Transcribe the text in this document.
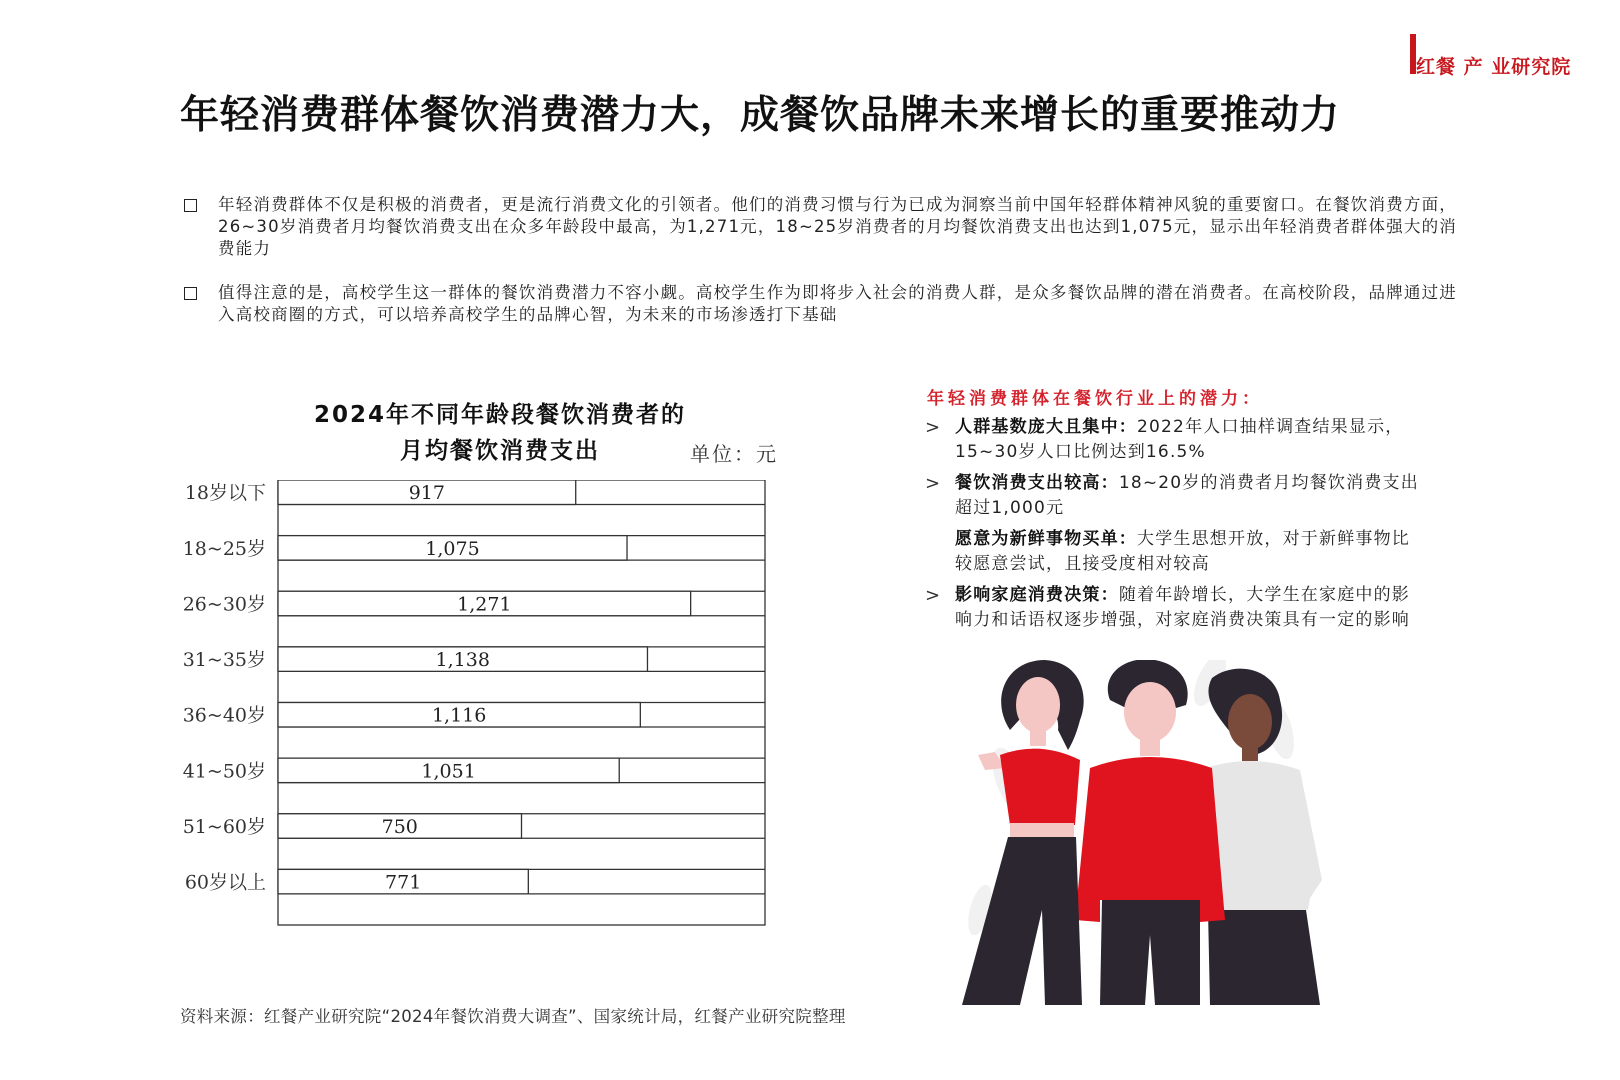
红餐 产 业研究院
年轻消费群体餐饮消费潜力大，成餐饮品牌未来增长的重要推动力
年轻消费群体不仅是积极的消费者，更是流行消费文化的引领者。他们的消费习惯与行为已成为洞察当前中国年轻群体精神风貌的重要窗口。在餐饮消费方面，26~30岁消费者月均餐饮消费支出在众多年龄段中最高，为1,271元，18~25岁消费者的月均餐饮消费支出也达到1,075元，显示出年轻消费者群体强大的消费能力
值得注意的是，高校学生这一群体的餐饮消费潜力不容小觑。高校学生作为即将步入社会的消费人群，是众多餐饮品牌的潜在消费者。在高校阶段，品牌通过进入高校商圈的方式，可以培养高校学生的品牌心智，为未来的市场渗透打下基础
2024年不同年龄段餐饮消费者的
月均餐饮消费支出	单位：元
917
18岁以下
1,075
18~25岁
1,271
26~30岁
1,138
31~35岁
1,116
36~40岁
1,051
41~50岁
750
51~60岁
771
60岁以上
年轻消费群体在餐饮行业上的潜力：
> 人群基数庞大且集中：2022年人口抽样调查结果显示，15~30岁人口比例达到16.5%
> 餐饮消费支出较高：18~20岁的消费者月均餐饮消费支出超过1,000元
愿意为新鲜事物买单：大学生思想开放，对于新鲜事物比较愿意尝试，且接受度相对较高
> 影响家庭消费决策：随着年龄增长，大学生在家庭中的影响力和话语权逐步增强，对家庭消费决策具有一定的影响
资料来源：红餐产业研究院“2024年餐饮消费大调查”、国家统计局，红餐产业研究院整理
